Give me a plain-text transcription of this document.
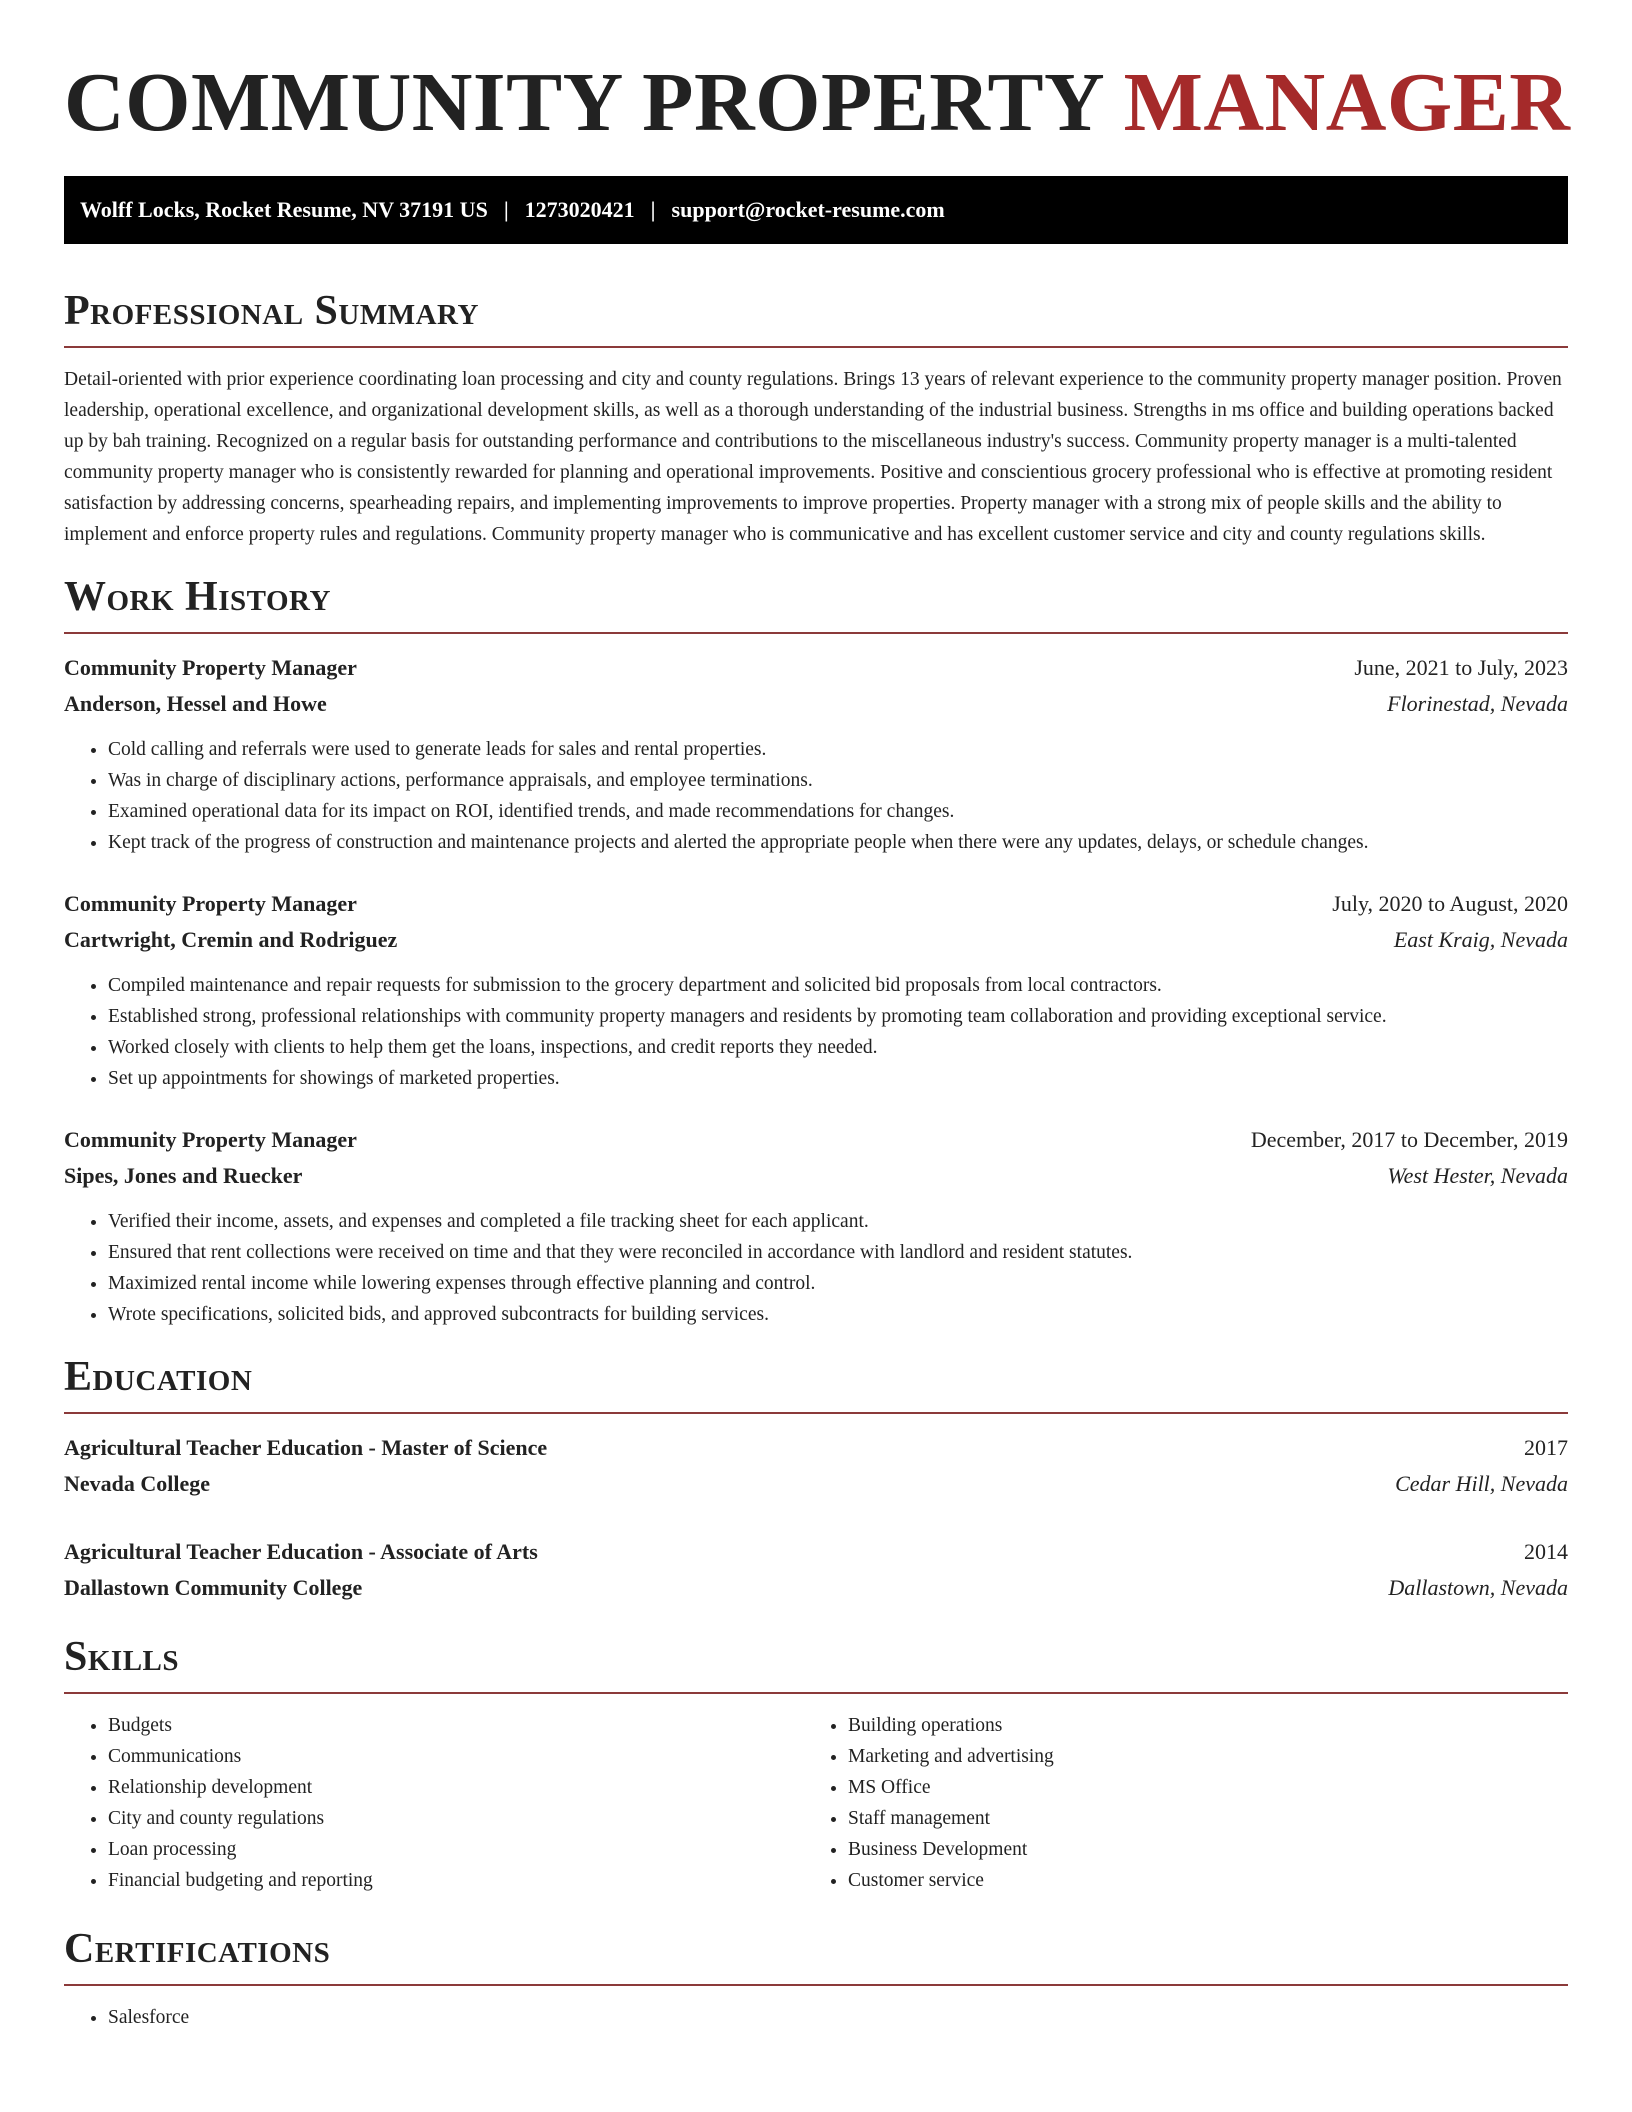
COMMUNITY PROPERTY MANAGER
Wolff Locks, Rocket Resume, NV 37191 US | 1273020421 | support@rocket-resume.com
Professional Summary

Detail-oriented with prior experience coordinating loan processing and city and county regulations. Brings 13 years of relevant experience to the community property manager position. Proven leadership, operational excellence, and organizational development skills, as well as a thorough understanding of the industrial business. Strengths in ms office and building operations backed up by bah training. Recognized on a regular basis for outstanding performance and contributions to the miscellaneous industry's success. Community property manager is a multi-talented community property manager who is consistently rewarded for planning and operational improvements. Positive and conscientious grocery professional who is effective at promoting resident satisfaction by addressing concerns, spearheading repairs, and implementing improvements to improve properties. Property manager with a strong mix of people skills and the ability to implement and enforce property rules and regulations. Community property manager who is communicative and has excellent customer service and city and county regulations skills.

Work History
Community Property Manager	June, 2021 to July, 2023
Anderson, Hessel and Howe	Florinestad, Nevada
• Cold calling and referrals were used to generate leads for sales and rental properties.
• Was in charge of disciplinary actions, performance appraisals, and employee terminations.
• Examined operational data for its impact on ROI, identified trends, and made recommendations for changes.
• Kept track of the progress of construction and maintenance projects and alerted the appropriate people when there were any updates, delays, or schedule changes.
Community Property Manager	July, 2020 to August, 2020
Cartwright, Cremin and Rodriguez	East Kraig, Nevada
• Compiled maintenance and repair requests for submission to the grocery department and solicited bid proposals from local contractors.
• Established strong, professional relationships with community property managers and residents by promoting team collaboration and providing exceptional service.
• Worked closely with clients to help them get the loans, inspections, and credit reports they needed.
• Set up appointments for showings of marketed properties.
Community Property Manager	December, 2017 to December, 2019
Sipes, Jones and Ruecker	West Hester, Nevada
• Verified their income, assets, and expenses and completed a file tracking sheet for each applicant.
• Ensured that rent collections were received on time and that they were reconciled in accordance with landlord and resident statutes.
• Maximized rental income while lowering expenses through effective planning and control.
• Wrote specifications, solicited bids, and approved subcontracts for building services.
Education
Agricultural Teacher Education - Master of Science	2017
Nevada College	Cedar Hill, Nevada
Agricultural Teacher Education - Associate of Arts	2014
Dallastown Community College	Dallastown, Nevada
Skills
• Budgets
• Communications
• Relationship development
• City and county regulations
• Loan processing
• Financial budgeting and reporting
• Building operations
• Marketing and advertising
• MS Office
• Staff management
• Business Development
• Customer service
Certifications
• Salesforce
